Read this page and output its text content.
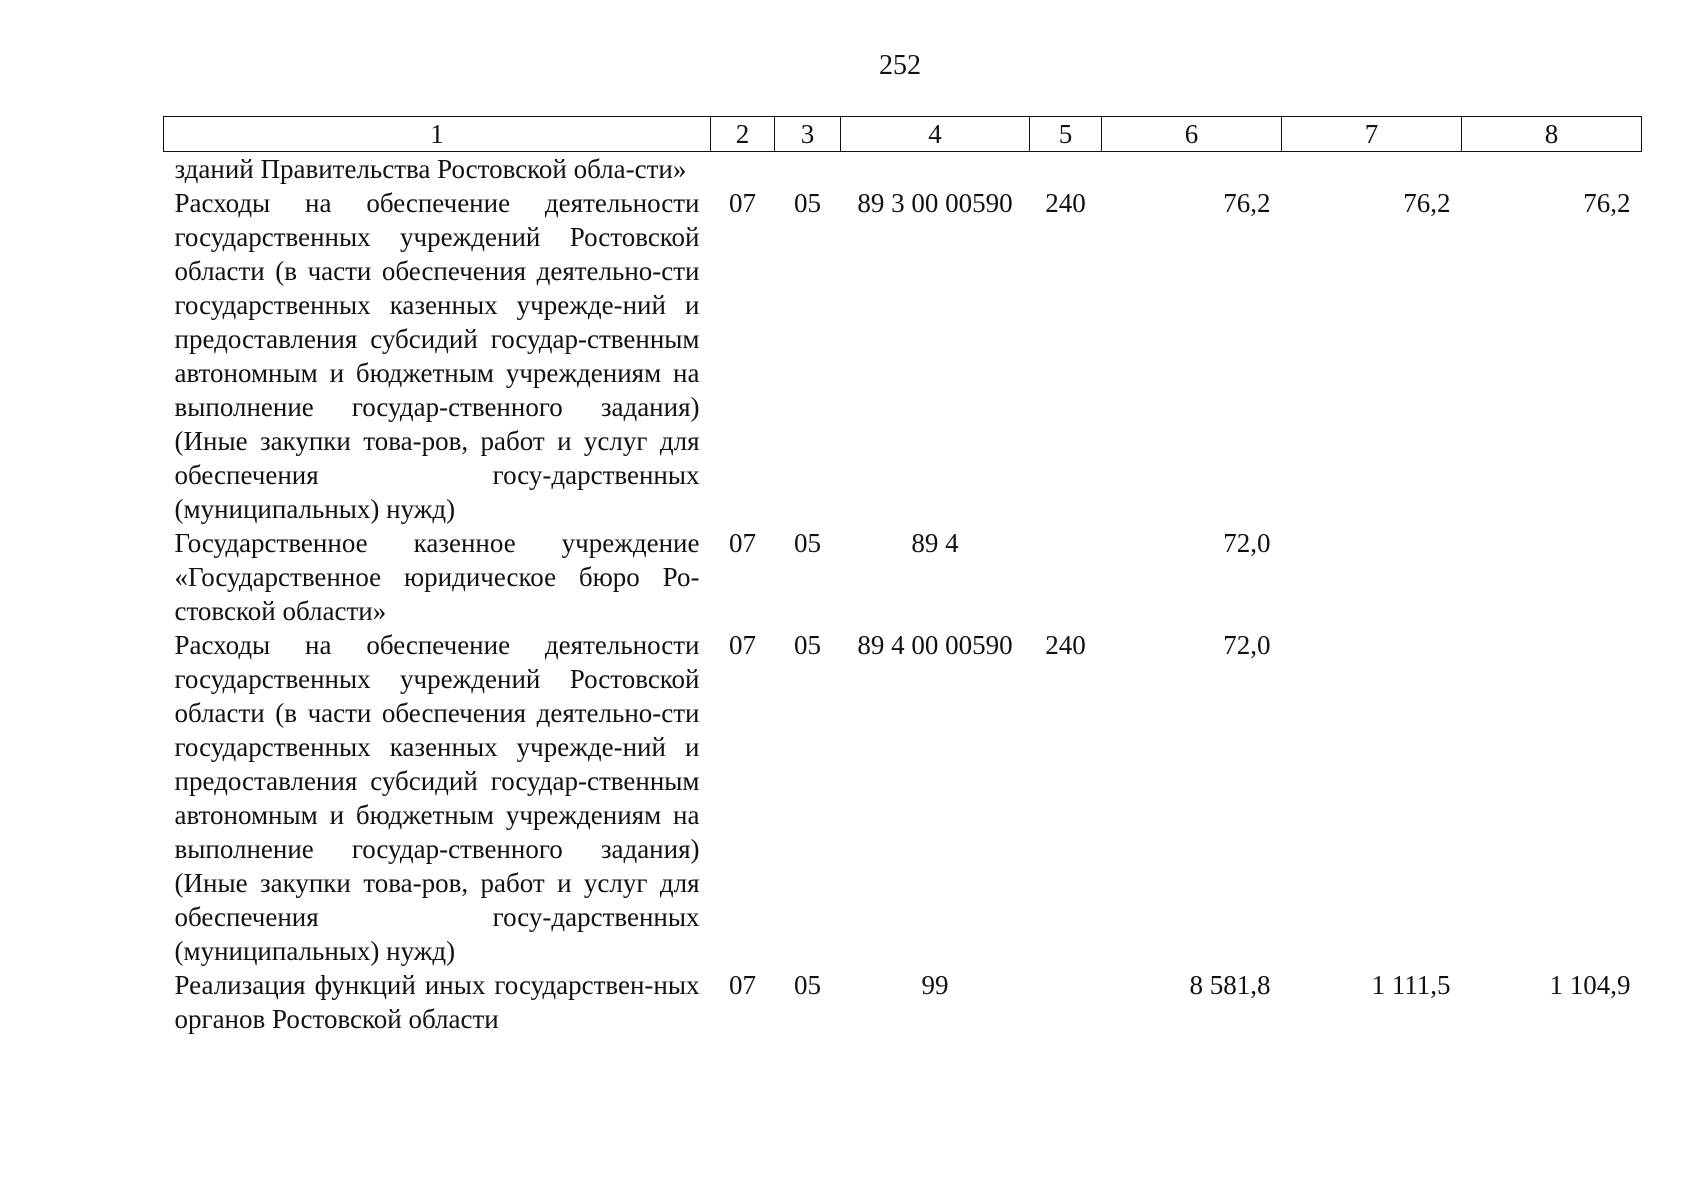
252
1	2	3	4	5	6	7	8
зданий Правительства Ростовской обла-сти»							
Расходы на обеспечение деятельности государственных учреждений Ростовской области (в части обеспечения деятельно-сти государственных казенных учрежде-ний и предоставления субсидий государ-ственным автономным и бюджетным учреждениям на выполнение государ-ственного задания) (Иные закупки това-ров, работ и услуг для обеспечения госу-дарственных (муниципальных) нужд)	07	05	89 3 00 00590	240	76,2	76,2	76,2
Государственное казенное учреждение «Государственное юридическое бюро Ро-стовской области»	07	05	89 4		72,0		
Расходы на обеспечение деятельности государственных учреждений Ростовской области (в части обеспечения деятельно-сти государственных казенных учрежде-ний и предоставления субсидий государ-ственным автономным и бюджетным учреждениям на выполнение государ-ственного задания) (Иные закупки това-ров, работ и услуг для обеспечения госу-дарственных (муниципальных) нужд)	07	05	89 4 00 00590	240	72,0		
Реализация функций иных государствен-ных органов Ростовской области	07	05	99		8 581,8	1 111,5	1 104,9
